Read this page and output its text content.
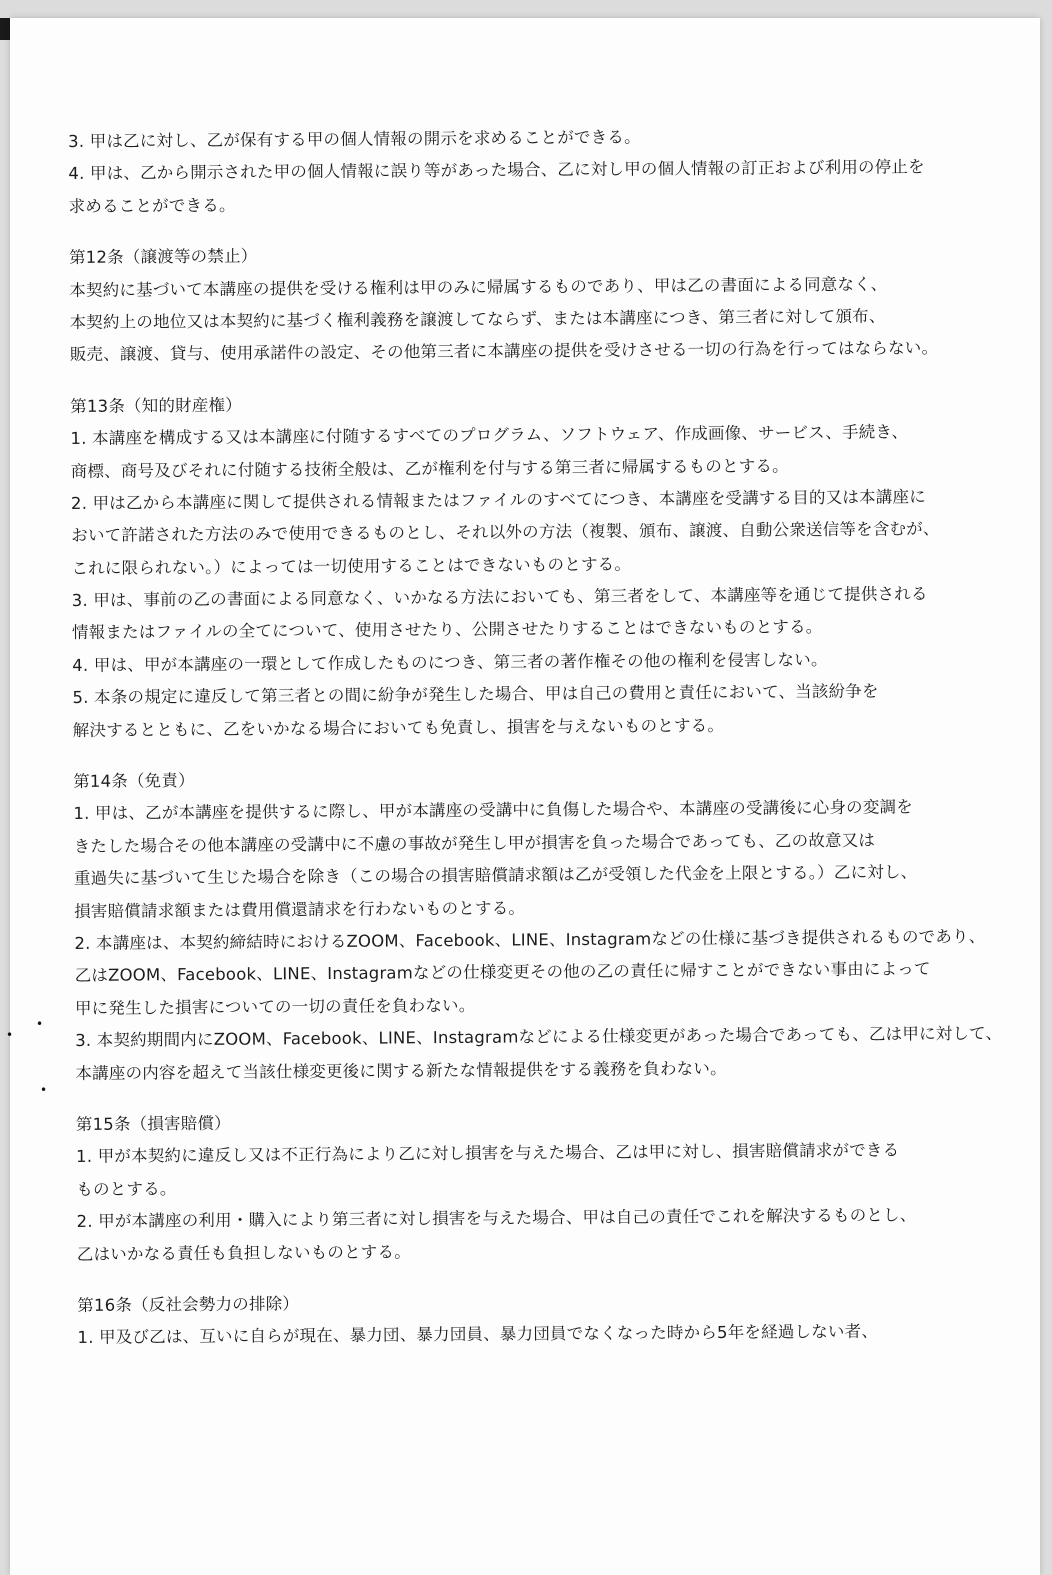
3. 甲は乙に対し、乙が保有する甲の個人情報の開示を求めることができる。
4. 甲は、乙から開示された甲の個人情報に誤り等があった場合、乙に対し甲の個人情報の訂正および利用の停止を
求めることができる。
第12条（譲渡等の禁止）
本契約に基づいて本講座の提供を受ける権利は甲のみに帰属するものであり、甲は乙の書面による同意なく、
本契約上の地位又は本契約に基づく権利義務を譲渡してならず、または本講座につき、第三者に対して頒布、
販売、譲渡、貸与、使用承諾件の設定、その他第三者に本講座の提供を受けさせる一切の行為を行ってはならない。
第13条（知的財産権）
1. 本講座を構成する又は本講座に付随するすべてのプログラム、ソフトウェア、作成画像、サービス、手続き、
商標、商号及びそれに付随する技術全般は、乙が権利を付与する第三者に帰属するものとする。
2. 甲は乙から本講座に関して提供される情報またはファイルのすべてにつき、本講座を受講する目的又は本講座に
おいて許諾された方法のみで使用できるものとし、それ以外の方法（複製、頒布、譲渡、自動公衆送信等を含むが、
これに限られない。）によっては一切使用することはできないものとする。
3. 甲は、事前の乙の書面による同意なく、いかなる方法においても、第三者をして、本講座等を通じて提供される
情報またはファイルの全てについて、使用させたり、公開させたりすることはできないものとする。
4. 甲は、甲が本講座の一環として作成したものにつき、第三者の著作権その他の権利を侵害しない。
5. 本条の規定に違反して第三者との間に紛争が発生した場合、甲は自己の費用と責任において、当該紛争を
解決するとともに、乙をいかなる場合においても免責し、損害を与えないものとする。
第14条（免責）
1. 甲は、乙が本講座を提供するに際し、甲が本講座の受講中に負傷した場合や、本講座の受講後に心身の変調を
きたした場合その他本講座の受講中に不慮の事故が発生し甲が損害を負った場合であっても、乙の故意又は
重過失に基づいて生じた場合を除き（この場合の損害賠償請求額は乙が受領した代金を上限とする。）乙に対し、
損害賠償請求額または費用償還請求を行わないものとする。
2. 本講座は、本契約締結時におけるZOOM、Facebook、LINE、Instagramなどの仕様に基づき提供されるものであり、
乙はZOOM、Facebook、LINE、Instagramなどの仕様変更その他の乙の責任に帰すことができない事由によって
甲に発生した損害についての一切の責任を負わない。
3. 本契約期間内にZOOM、Facebook、LINE、Instagramなどによる仕様変更があった場合であっても、乙は甲に対して、
本講座の内容を超えて当該仕様変更後に関する新たな情報提供をする義務を負わない。
第15条（損害賠償）
1. 甲が本契約に違反し又は不正行為により乙に対し損害を与えた場合、乙は甲に対し、損害賠償請求ができる
ものとする。
2. 甲が本講座の利用・購入により第三者に対し損害を与えた場合、甲は自己の責任でこれを解決するものとし、
乙はいかなる責任も負担しないものとする。
第16条（反社会勢力の排除）
1. 甲及び乙は、互いに自らが現在、暴力団、暴力団員、暴力団員でなくなった時から5年を経過しない者、
•
•
•
